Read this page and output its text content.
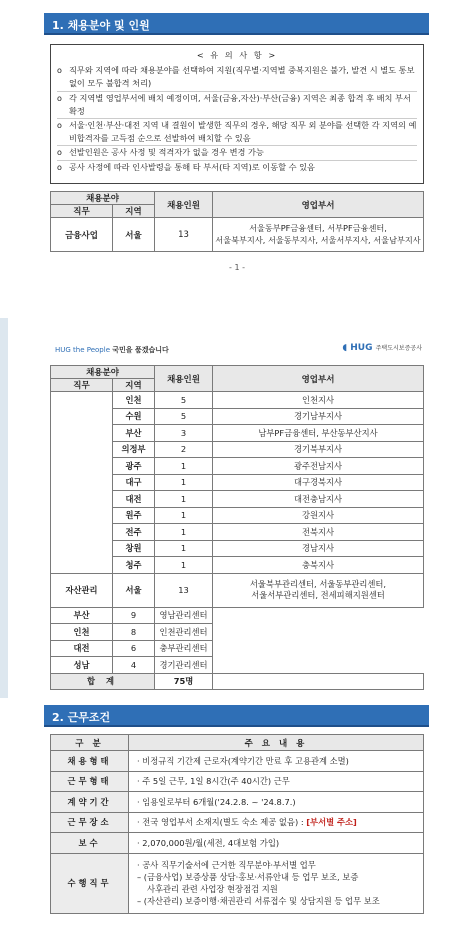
1. 채용분야 및 인원
< 유 의 사 항 >
o 직무와 지역에 따라 채용분야를 선택하여 지원(직무별·지역별 중복지원은 불가, 발견 시 별도 통보 없이 모두 불합격 처리)
o 각 지역별 영업부서에 배치 예정이며, 서울(금융,자산)·부산(금융) 지역은 최종 합격 후 배치 부서 확정
o 서울·인천·부산·대전 지역 내 결원이 발생한 직무의 경우, 해당 직무 외 분야를 선택한 각 지역의 예비합격자를 고득점 순으로 선발하여 배치할 수 있음
o 선발인원은 공사 사정 및 적격자가 없을 경우 변경 가능
o 공사 사정에 따라 인사발령을 통해 타 부서(타 지역)로 이동할 수 있음
채용분야		채용인원	영업부서
직무	지역		
금융사업	서울	13	서울동부PF금융센터, 서부PF금융센터,
서울북부지사, 서울동부지사, 서울서부지사, 서울남부지사
- 1 -
HUG the People 국민을 품겠습니다	◖ HUG 주택도시보증공사
채용분야		채용인원	영업부서
직무	지역		
	인천	5	인천지사
	수원	5	경기남부지사
	부산	3	남부PF금융센터, 부산동부산지사
	의정부	2	경기북부지사
	광주	1	광주전남지사
	대구	1	대구경북지사
	대전	1	대전충남지사
	원주	1	강원지사
	전주	1	전북지사
	창원	1	경남지사
	청주	1	충북지사
자산관리	서울	13	서울북부관리센터, 서울동부관리센터,
서울서부관리센터, 전세피해지원센터

부산	9	영남관리센터	
인천	8	인천관리센터	
대전	6	충부관리센터	
성남	4	경기관리센터	
합 계		75명	
2. 근무조건
구 분	주 요 내 용
채용형태	· 비정규직 기간제 근로자(계약기간 만료 후 고용관계 소멸)
근무형태	· 주 5일 근무, 1일 8시간(주 40시간) 근무
계약기간	· 임용일로부터 6개월('24.2.8. ~ '24.8.7.)
근무장소	· 전국 영업부서 소재지(별도 숙소 제공 없음) : [부서별 주소]
보수	· 2,070,000원/월(세전, 4대보험 가입)
수행직무	· 공사 직무기술서에 근거한 직무분야·부서별 업무
– (금융사업) 보증상품 상담·홍보·서류안내 등 업무 보조, 보증
사후관리 관련 사업장 현장점검 지원
– (자산관리) 보증이행·채권관리 서류접수 및 상담지원 등 업무 보조
